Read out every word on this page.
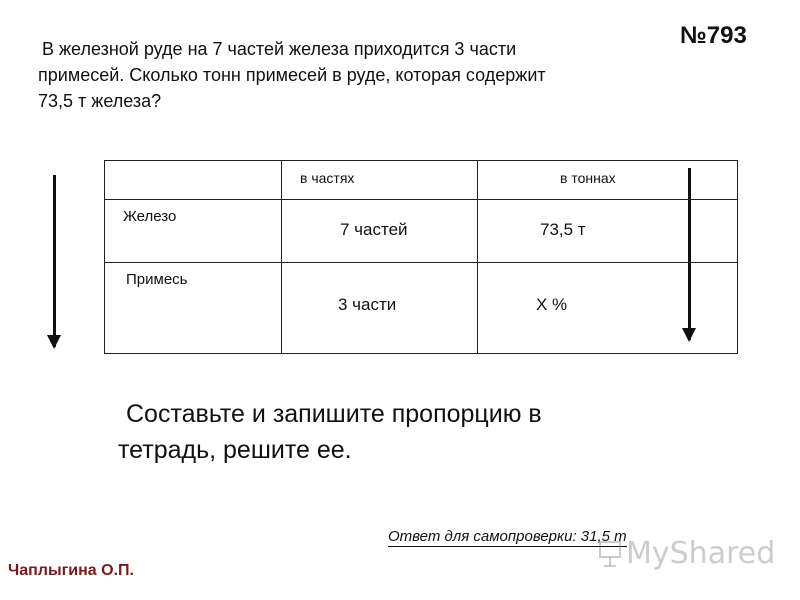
В железной руде на 7 частей железа приходится 3 части
примесей. Сколько тонн примесей в руде, которая содержит
73,5 т железа?
№793
	в частях	в тоннах
Железо	7 частей	73,5 т
Примесь	3 части	Х %
Составьте и запишите пропорцию в
тетрадь, решите ее.
Ответ для самопроверки: 31,5 т MyShared
Чаплыгина О.П.
